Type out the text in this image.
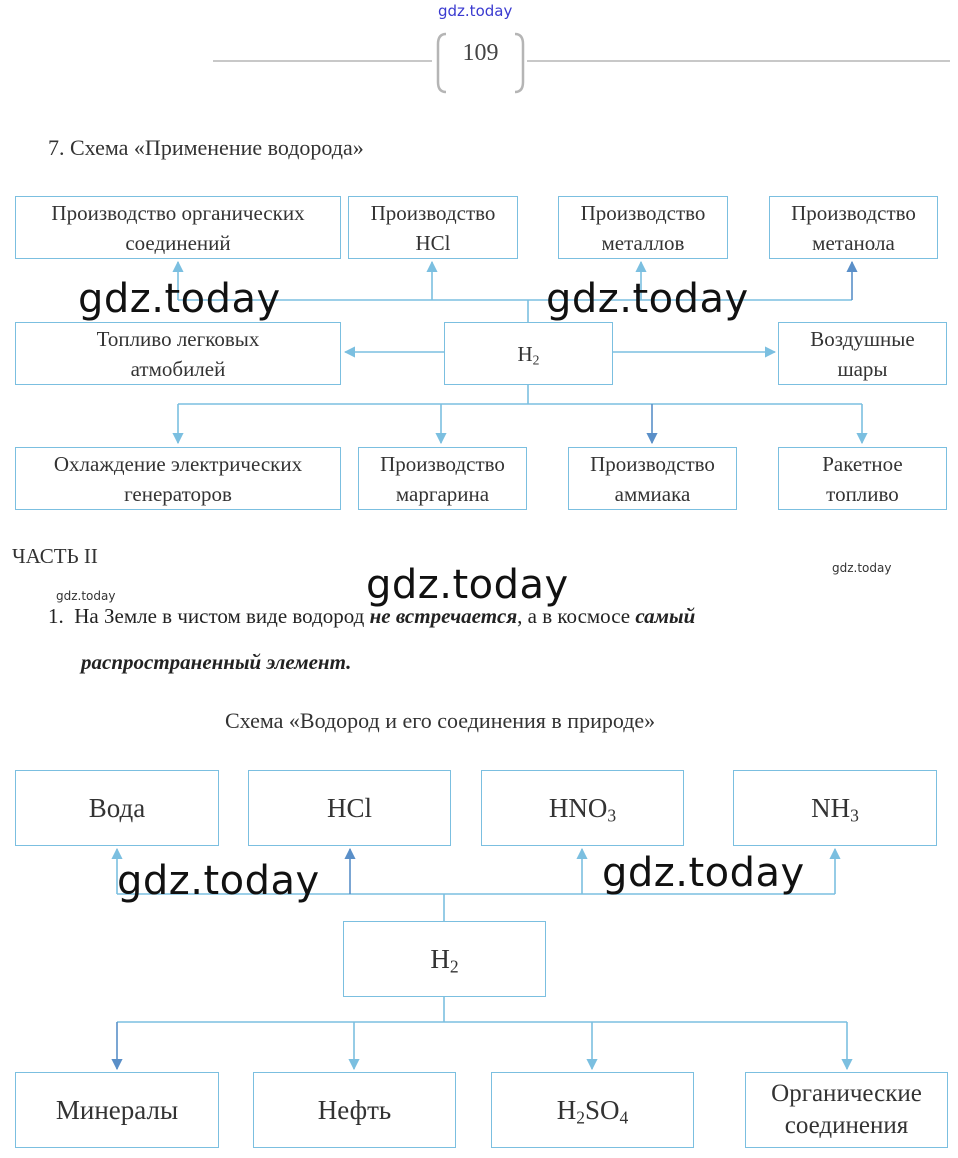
gdz.today
109
7. Схема «Применение водорода»
Производство органических
соединений
Производство
HCl
Производство
металлов
Производство
метанола
Топливо легковых
атмобилей
$H_2$
Воздушные
шары
Охлаждение электрических
генераторов
Производство
маргарина
Производство
аммиака
Ракетное
топливо
ЧАСТЬ II
1. На Земле в чистом виде водород не встречается, а в космосе самый
распространенный элемент.
Схема «Водород и его соединения в природе»
Вода	HCl	$HNO_3$	$NH_3$
$H_2$
Минералы	Нефть	$H_2SO_4$
Органические
соединения
gdz.today	gdz.today
gdz.today
gdz.today
gdz.today
gdz.today	gdz.today
